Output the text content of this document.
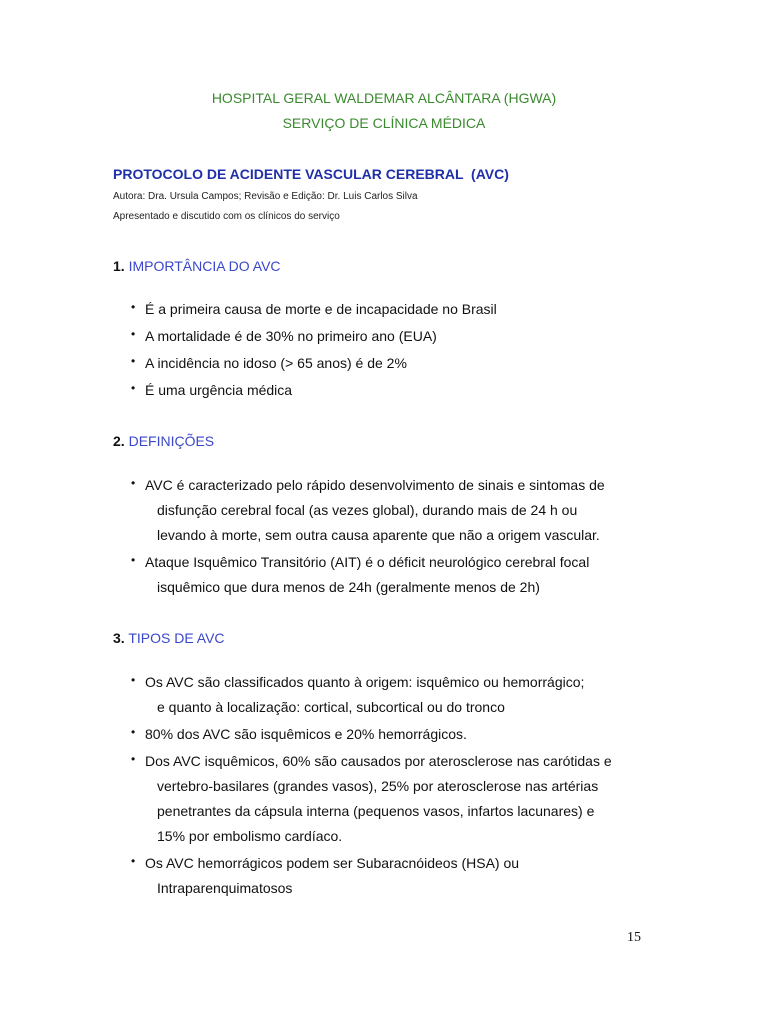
HOSPITAL GERAL WALDEMAR ALCÂNTARA (HGWA)
SERVIÇO DE CLÍNICA MÉDICA
PROTOCOLO DE ACIDENTE VASCULAR CEREBRAL  (AVC)
Autora: Dra. Ursula Campos; Revisão e Edição: Dr. Luis Carlos Silva
Apresentado e discutido com os clínicos do serviço
1. IMPORTÂNCIA DO AVC
• É a primeira causa de morte e de incapacidade no Brasil
• A mortalidade é de 30% no primeiro ano (EUA)
• A incidência no idoso (> 65 anos) é de 2%
• É uma urgência médica
2. DEFINIÇÕES
• AVC é caracterizado pelo rápido desenvolvimento de sinais e sintomas de
disfunção cerebral focal (as vezes global), durando mais de 24 h ou
levando à morte, sem outra causa aparente que não a origem vascular.
• Ataque Isquêmico Transitório (AIT) é o déficit neurológico cerebral focal
isquêmico que dura menos de 24h (geralmente menos de 2h)
3. TIPOS DE AVC
• Os AVC são classificados quanto à origem: isquêmico ou hemorrágico;
e quanto à localização: cortical, subcortical ou do tronco
• 80% dos AVC são isquêmicos e 20% hemorrágicos.
• Dos AVC isquêmicos, 60% são causados por aterosclerose nas carótidas e
vertebro-basilares (grandes vasos), 25% por aterosclerose nas artérias
penetrantes da cápsula interna (pequenos vasos, infartos lacunares) e
15% por embolismo cardíaco.
• Os AVC hemorrágicos podem ser Subaracnóideos (HSA) ou
Intraparenquimatosos
15
